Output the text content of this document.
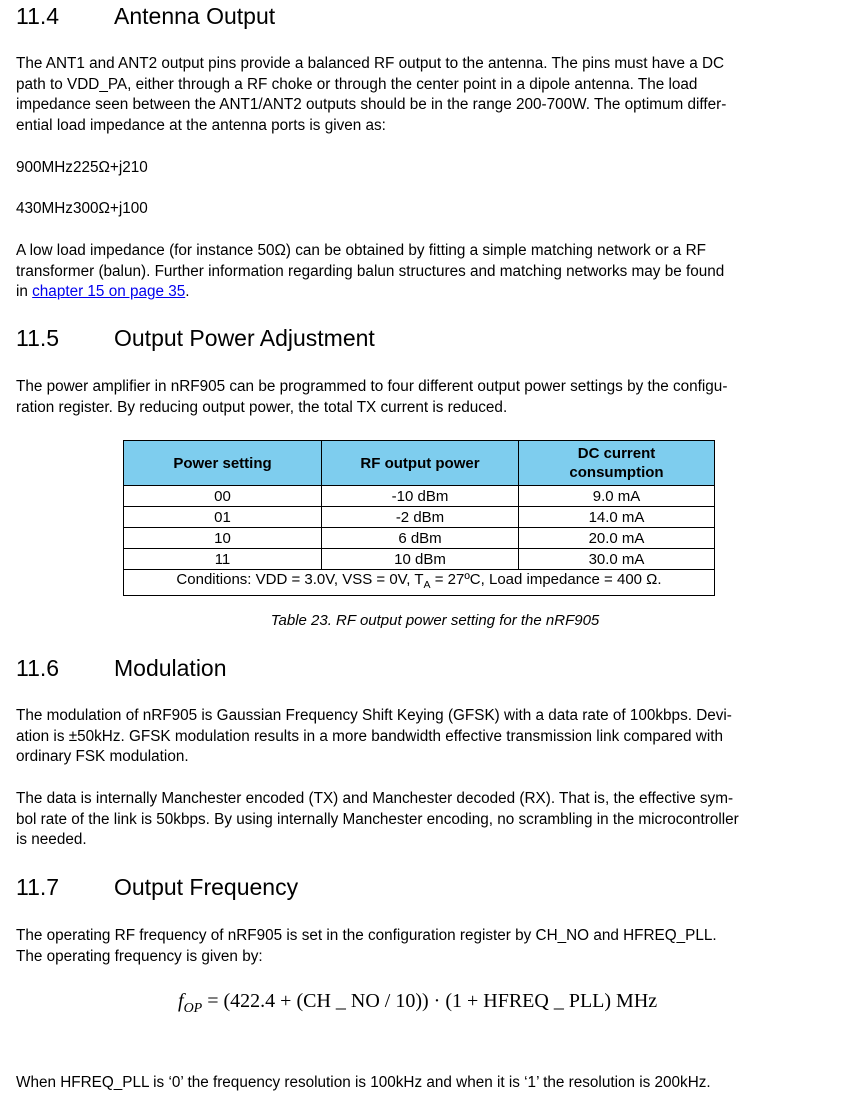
11.4 Antenna Output
The ANT1 and ANT2 output pins provide a balanced RF output to the antenna. The pins must have a DC
path to VDD_PA, either through a RF choke or through the center point in a dipole antenna. The load
impedance seen between the ANT1/ANT2 outputs should be in the range 200-700W. The optimum differ-
ential load impedance at the antenna ports is given as:
900MHz225Ω+j210
430MHz300Ω+j100
A low load impedance (for instance 50Ω) can be obtained by fitting a simple matching network or a RF
transformer (balun). Further information regarding balun structures and matching networks may be found
in chapter 15 on page 35.
11.5 Output Power Adjustment
The power amplifier in nRF905 can be programmed to four different output power settings by the configu-
ration register. By reducing output power, the total TX current is reduced.
Power setting	RF output power	DC current consumption
00	-10 dBm	9.0 mA
01	-2 dBm	14.0 mA
10	6 dBm	20.0 mA
11	10 dBm	30.0 mA
Conditions: VDD = 3.0V, VSS = 0V, $T_A$ = 27ºC, Load impedance = 400 Ω.		
Table 23. RF output power setting for the nRF905
11.6 Modulation
The modulation of nRF905 is Gaussian Frequency Shift Keying (GFSK) with a data rate of 100kbps. Devi-
ation is ±50kHz. GFSK modulation results in a more bandwidth effective transmission link compared with
ordinary FSK modulation.
The data is internally Manchester encoded (TX) and Manchester decoded (RX). That is, the effective sym-
bol rate of the link is 50kbps. By using internally Manchester encoding, no scrambling in the microcontroller
is needed.
11.7 Output Frequency
The operating RF frequency of nRF905 is set in the configuration register by CH_NO and HFREQ_PLL.
The operating frequency is given by:
$f_{OP} = (422.4 + (CH$ _ NO / 10)) · (1 + HFREQ _ PLL) MHz
When HFREQ_PLL is ‘0’ the frequency resolution is 100kHz and when it is ‘1’ the resolution is 200kHz.
